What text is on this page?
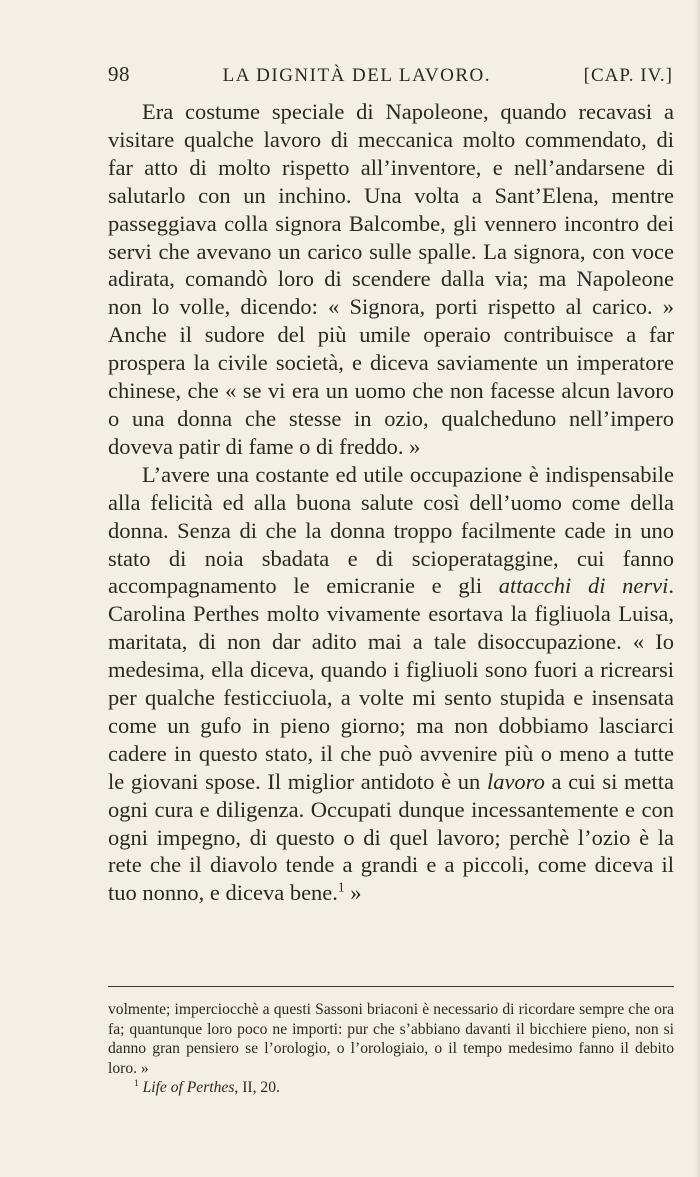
98	LA DIGNITÀ DEL LAVORO.	[CAP. IV.]

Era costume speciale di Napoleone, quando recavasi a visitare qualche lavoro di meccanica molto commendato, di far atto di molto rispetto all’inventore, e nell’andarsene di salutarlo con un inchino. Una volta a Sant’Elena, mentre passeggiava colla signora Balcombe, gli vennero incontro dei servi che avevano un carico sulle spalle. La signora, con voce adirata, comandò loro di scendere dalla via; ma Napoleone non lo volle, dicendo: « Signora, porti rispetto al carico. » Anche il sudore del più umile operaio contribuisce a far prospera la civile società, e diceva saviamente un imperatore chinese, che « se vi era un uomo che non facesse alcun lavoro o una donna che stesse in ozio, qualcheduno nell’impero doveva patir di fame o di freddo. »

L’avere una costante ed utile occupazione è indispensabile alla felicità ed alla buona salute così dell’uomo come della donna. Senza di che la donna troppo facilmente cade in uno stato di noia sbadata e di scioperataggine, cui fanno accompagnamento le emicranie e gli attacchi di nervi. Carolina Perthes molto vivamente esortava la figliuola Luisa, maritata, di non dar adito mai a tale disoccupazione. « Io medesima, ella diceva, quando i figliuoli sono fuori a ricrearsi per qualche festicciuola, a volte mi sento stupida e insensata come un gufo in pieno giorno; ma non dobbiamo lasciarci cadere in questo stato, il che può avvenire più o meno a tutte le giovani spose. Il miglior antidoto è un lavoro a cui si metta ogni cura e diligenza. Occupati dunque incessantemente e con ogni impegno, di questo o di quel lavoro; perchè l’ozio è la rete che il diavolo tende a grandi e a piccoli, come diceva il tuo nonno, e diceva bene.$^1$ »

volmente; imperciocchè a questi Sassoni briaconi è necessario di ricordare sempre che ora fa; quantunque loro poco ne importi: pur che s’abbiano davanti il bicchiere pieno, non si danno gran pensiero se l’orologio, o l’orologiaio, o il tempo medesimo fanno il debito loro. »

$^1$ Life of Perthes, II, 20.
